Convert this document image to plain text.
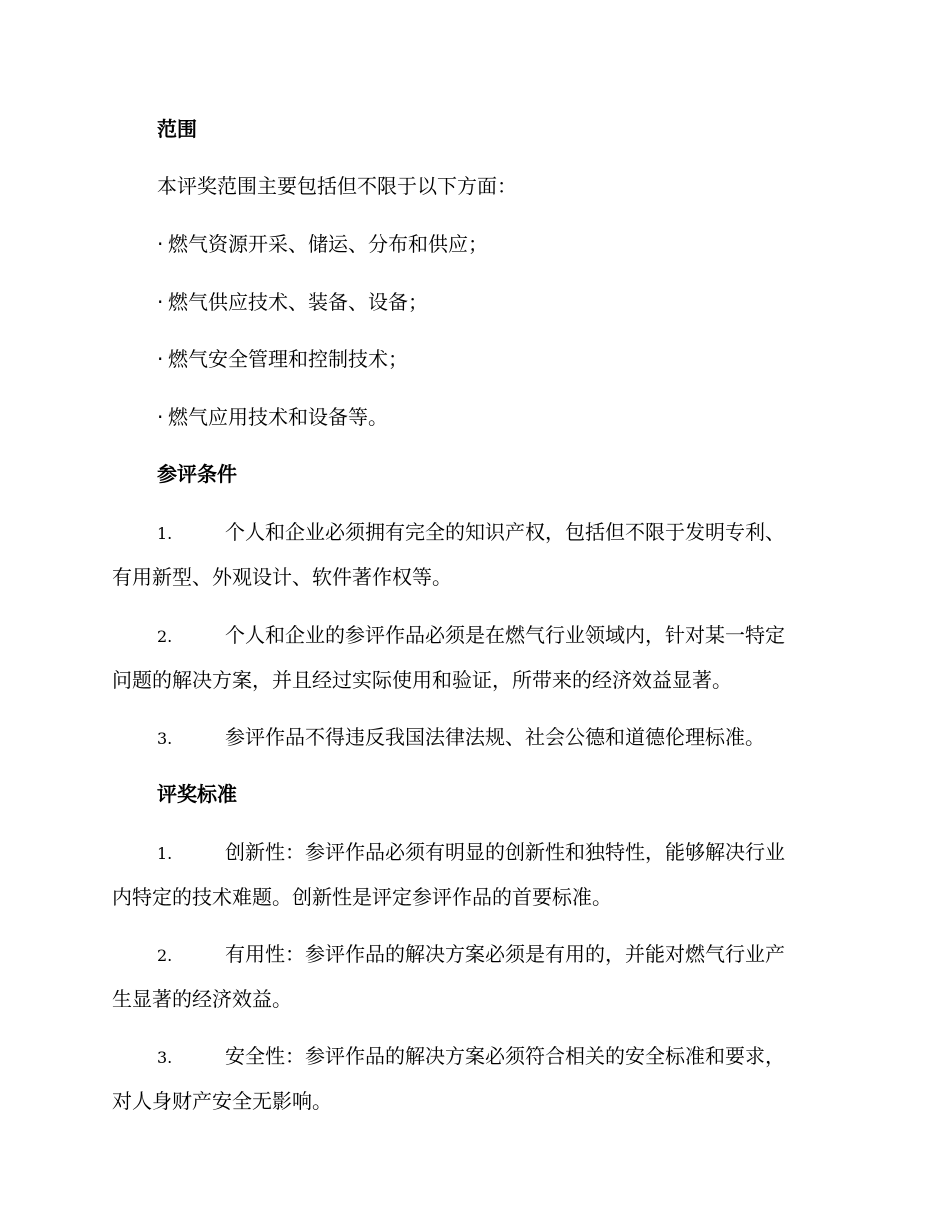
范围
本评奖范围主要包括但不限于以下方面：
· 燃气资源开采、储运、分布和供应；
· 燃气供应技术、装备、设备；
· 燃气安全管理和控制技术；
· 燃气应用技术和设备等。
参评条件
1.	个人和企业必须拥有完全的知识产权，包括但不限于发明专利、
有用新型、外观设计、软件著作权等。
2.	个人和企业的参评作品必须是在燃气行业领域内，针对某一特定
问题的解决方案，并且经过实际使用和验证，所带来的经济效益显著。
3.	参评作品不得违反我国法律法规、社会公德和道德伦理标准。
评奖标准
1.	创新性：参评作品必须有明显的创新性和独特性，能够解决行业
内特定的技术难题。创新性是评定参评作品的首要标准。
2.	有用性：参评作品的解决方案必须是有用的，并能对燃气行业产
生显著的经济效益。
3.	安全性：参评作品的解决方案必须符合相关的安全标准和要求，
对人身财产安全无影响。
